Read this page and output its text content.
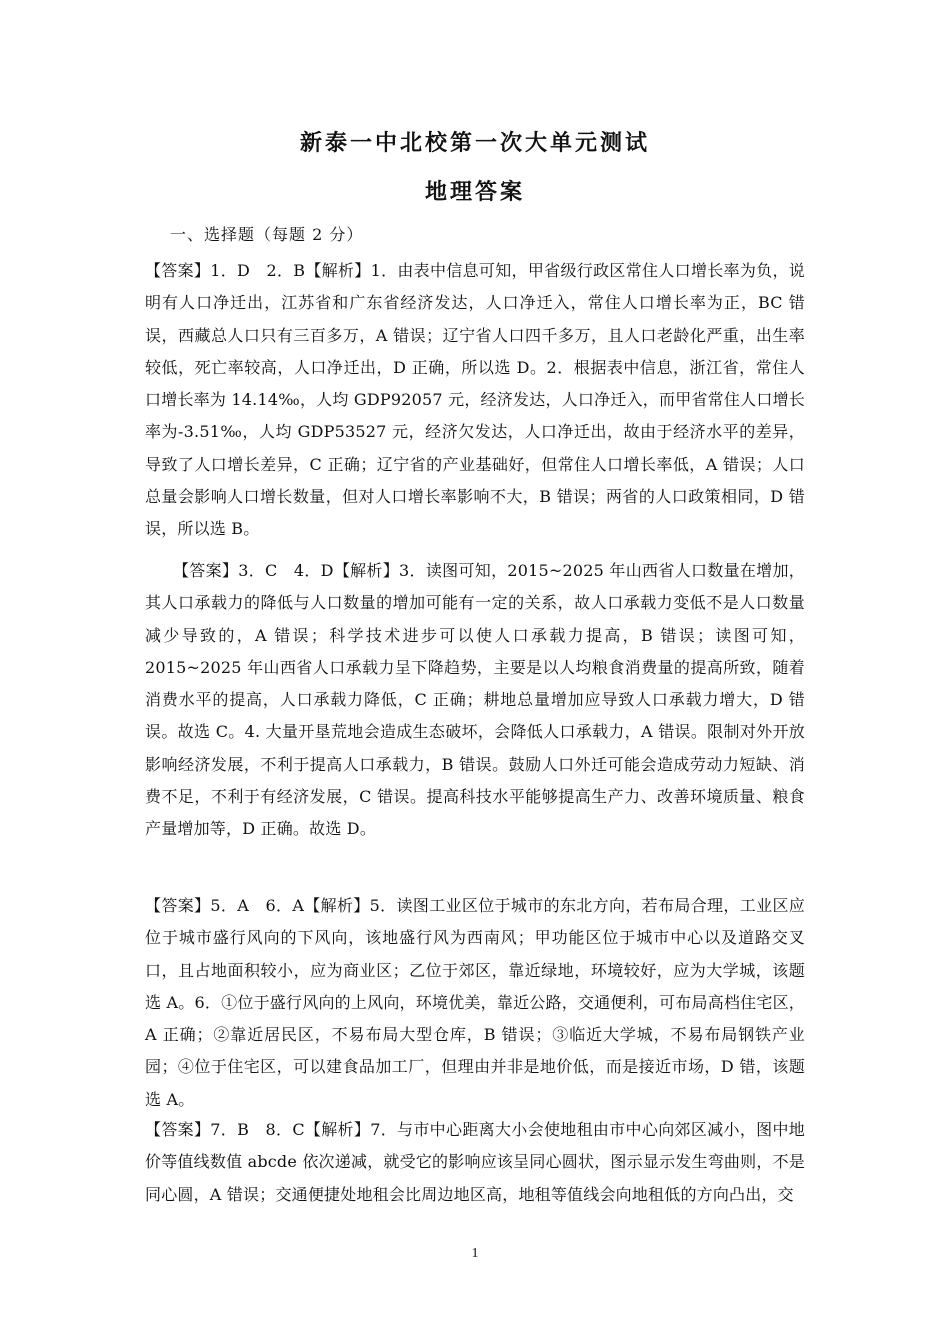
新泰一中北校第一次大单元测试
地理答案
一、选择题（每题 2 分）
【答案】1．D　2．B【解析】1．由表中信息可知，甲省级行政区常住人口增长率为负，说明有人口净迁出，江苏省和广东省经济发达，人口净迁入，常住人口增长率为正，BC 错误，西藏总人口只有三百多万，A 错误；辽宁省人口四千多万，且人口老龄化严重，出生率较低，死亡率较高，人口净迁出，D 正确，所以选 D。2．根据表中信息，浙江省，常住人口增长率为 14.14‰，人均 GDP92057 元，经济发达，人口净迁入，而甲省常住人口增长率为-3.51‰，人均 GDP53527 元，经济欠发达，人口净迁出，故由于经济水平的差异，导致了人口增长差异，C 正确；辽宁省的产业基础好，但常住人口增长率低，A 错误；人口总量会影响人口增长数量，但对人口增长率影响不大，B 错误；两省的人口政策相同，D 错误，所以选 B。
【答案】3．C　4．D【解析】3．读图可知，2015~2025 年山西省人口数量在增加，其人口承载力的降低与人口数量的增加可能有一定的关系，故人口承载力变低不是人口数量减少导致的，A 错误；科学技术进步可以使人口承载力提高，B 错误；读图可知，2015~2025 年山西省人口承载力呈下降趋势，主要是以人均粮食消费量的提高所致，随着消费水平的提高，人口承载力降低，C 正确；耕地总量增加应导致人口承载力增大，D 错误。故选 C。4. 大量开垦荒地会造成生态破坏，会降低人口承载力，A 错误。限制对外开放影响经济发展，不利于提高人口承载力，B 错误。鼓励人口外迁可能会造成劳动力短缺、消费不足，不利于有经济发展，C 错误。提高科技水平能够提高生产力、改善环境质量、粮食产量增加等，D 正确。故选 D。
【答案】5．A　6．A【解析】5．读图工业区位于城市的东北方向，若布局合理，工业区应位于城市盛行风向的下风向，该地盛行风为西南风；甲功能区位于城市中心以及道路交叉口，且占地面积较小，应为商业区；乙位于郊区，靠近绿地，环境较好，应为大学城，该题选 A。6．①位于盛行风向的上风向，环境优美，靠近公路，交通便利，可布局高档住宅区，A 正确；②靠近居民区，不易布局大型仓库，B 错误；③临近大学城，不易布局钢铁产业园；④位于住宅区，可以建食品加工厂，但理由并非是地价低，而是接近市场，D 错，该题选 A。
【答案】7．B　8．C【解析】7．与市中心距离大小会使地租由市中心向郊区减小，图中地价等值线数值 abcde 依次递减，就受它的影响应该呈同心圆状，图示显示发生弯曲则，不是同心圆，A 错误；交通便捷处地租会比周边地区高，地租等值线会向地租低的方向凸出，交
1
